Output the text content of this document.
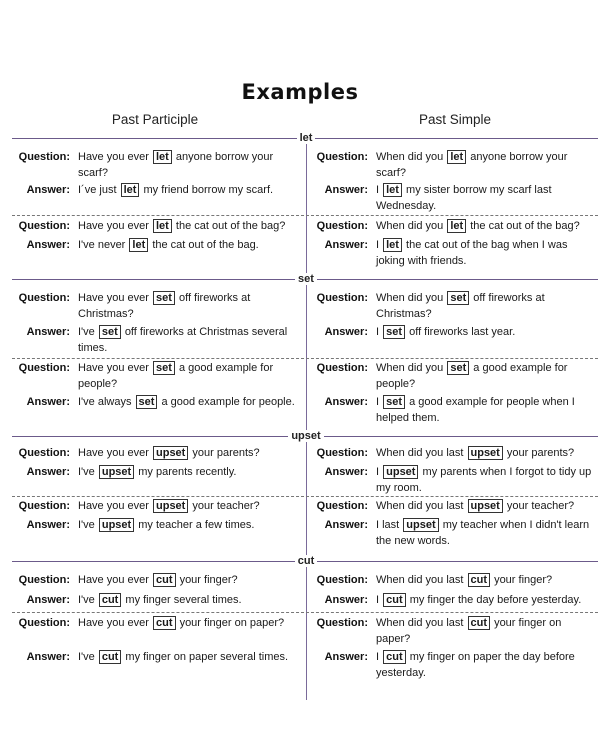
Examples
Past Participle	Past Simple
let
Question:
Answer:
Have you ever let anyone borrow your scarf?
I´ve just let my friend borrow my scarf.
Question:
Answer:
When did you let anyone borrow your scarf?
I let my sister borrow my scarf last Wednesday.
Question:
Answer:
Have you ever let the cat out of the bag?
I've never let the cat out of the bag.
Question:
Answer:
When did you let the cat out of the bag?
I let the cat out of the bag when I was joking with friends.
set
Question:
Answer:
Have you ever set off fireworks at Christmas?
I've set off fireworks at Christmas several times.
Question:
Answer:
When did you set off fireworks at Christmas?
I set off fireworks last year.
Question:
Answer:
Have you ever set a good example for people?
I've always set a good example for people.
Question:
Answer:
When did you set a good example for people?
I set a good example for people when I helped them.
upset
Question:
Answer:
Have you ever upset your parents?
I've upset my parents recently.
Question:
Answer:
When did you last upset your parents?
I upset my parents when I forgot to tidy up my room.
Question:
Answer:
Have you ever upset your teacher?
I've upset my teacher a few times.
Question:
Answer:
When did you last upset your teacher?
I last upset my teacher when I didn't learn the new words.
cut
Question:
Answer:
Have you ever cut your finger?
I've cut my finger several times.
Question:
Answer:
When did you last cut your finger?
I cut my finger the day before yesterday.
Question:
Answer:
Have you ever cut your finger on paper?
I've cut my finger on paper several times.
Question:
Answer:
When did you last cut your finger on paper?
I cut my finger on paper the day before yesterday.
